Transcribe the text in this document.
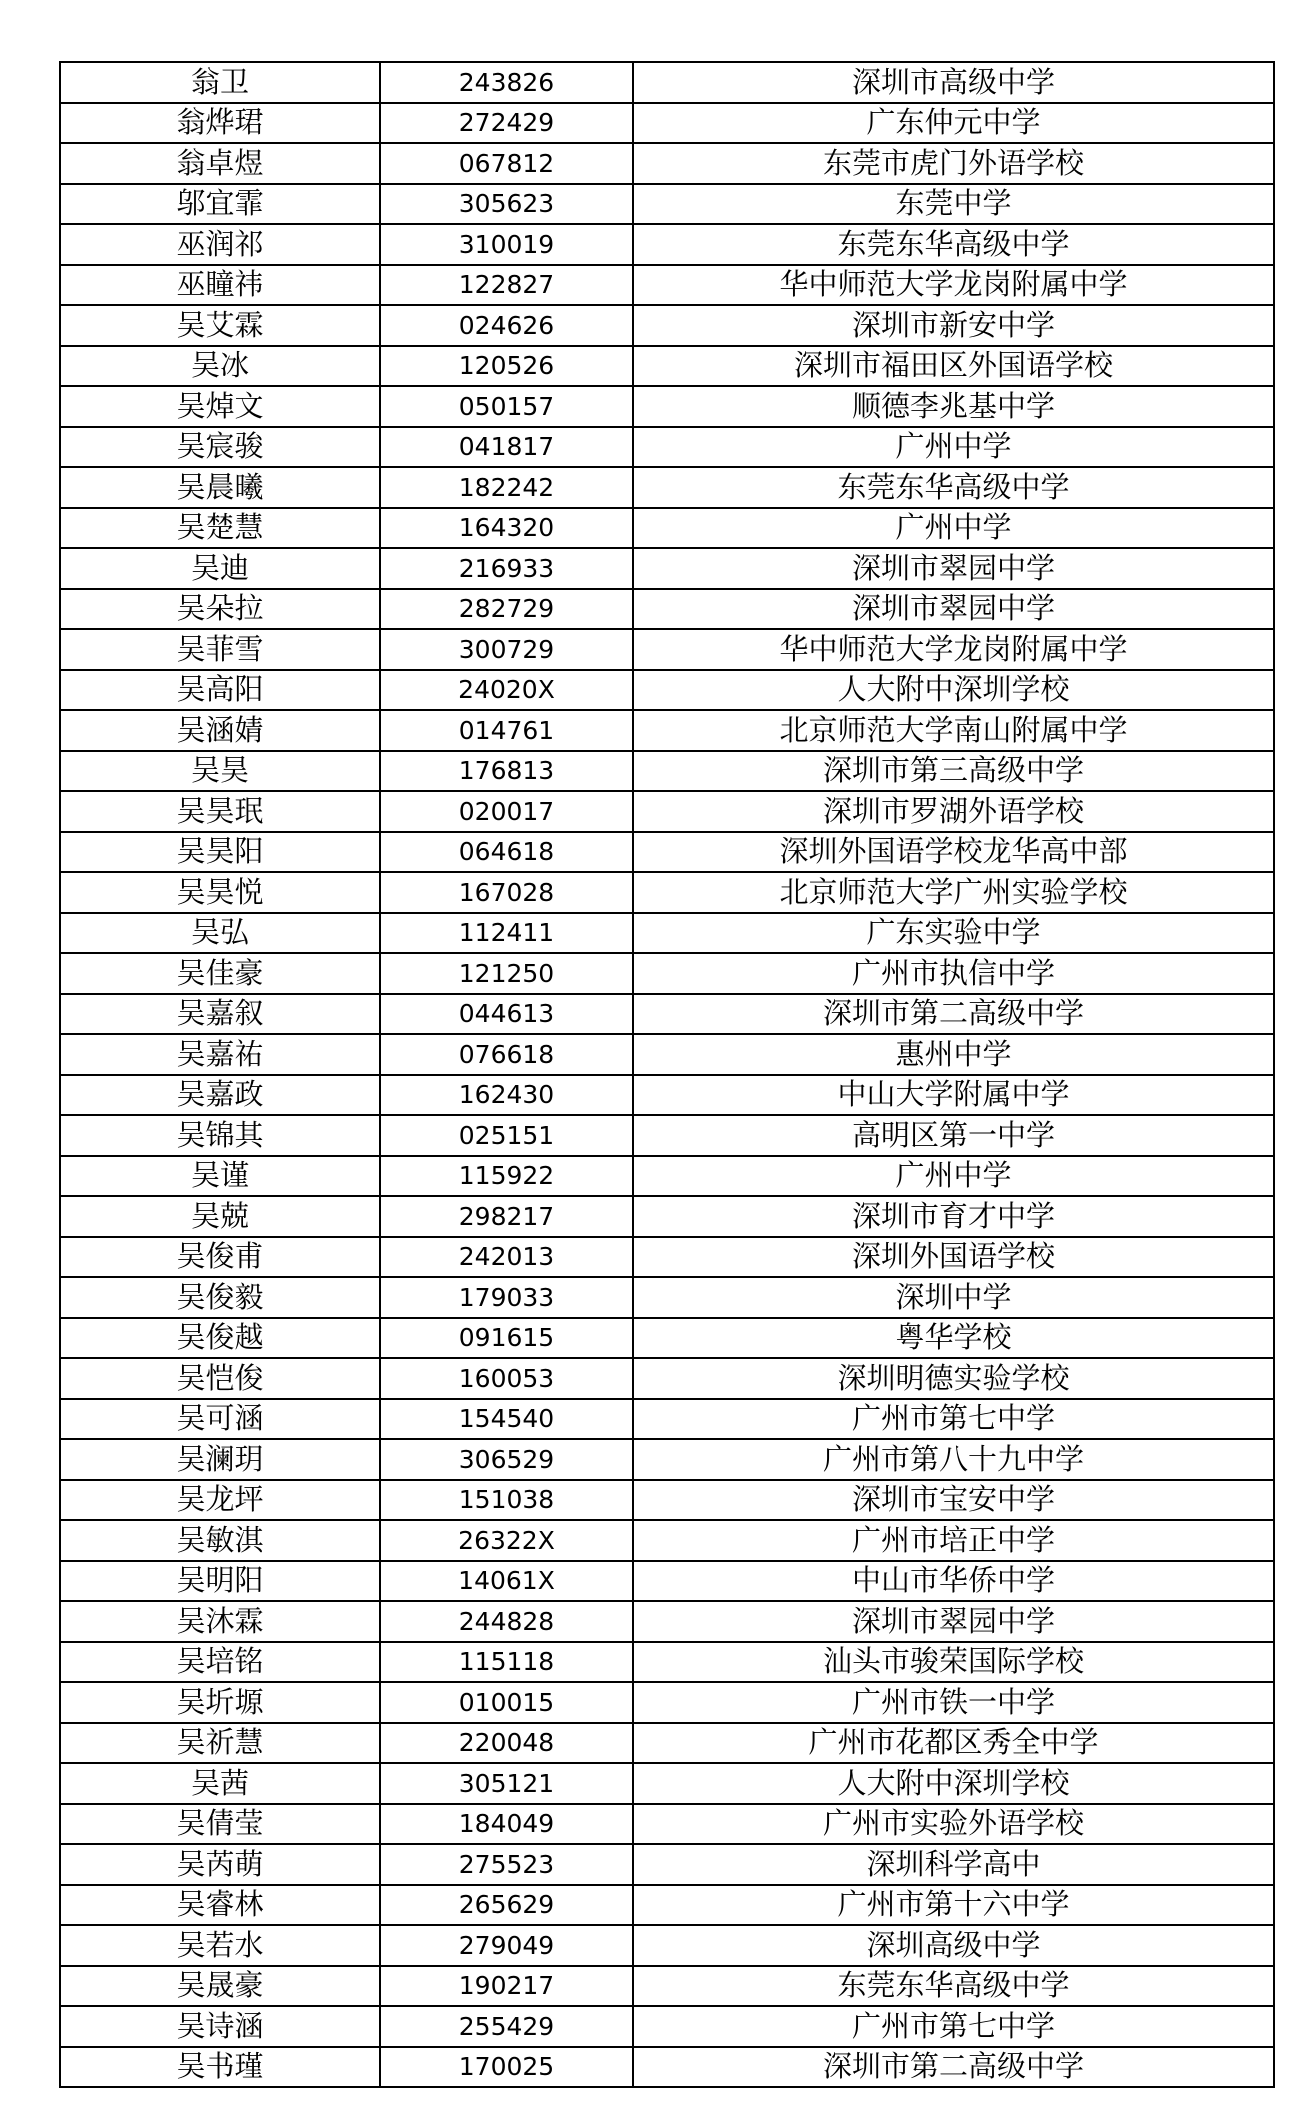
翁卫	243826	深圳市高级中学
翁烨珺	272429	广东仲元中学
翁卓煜	067812	东莞市虎门外语学校
邬宜霏	305623	东莞中学
巫润祁	310019	东莞东华高级中学
巫瞳祎	122827	华中师范大学龙岗附属中学
吴艾霖	024626	深圳市新安中学
吴冰	120526	深圳市福田区外国语学校
吴焯文	050157	顺德李兆基中学
吴宸骏	041817	广州中学
吴晨曦	182242	东莞东华高级中学
吴楚慧	164320	广州中学
吴迪	216933	深圳市翠园中学
吴朵拉	282729	深圳市翠园中学
吴菲雪	300729	华中师范大学龙岗附属中学
吴高阳	24020X	人大附中深圳学校
吴涵婧	014761	北京师范大学南山附属中学
吴昊	176813	深圳市第三高级中学
吴昊珉	020017	深圳市罗湖外语学校
吴昊阳	064618	深圳外国语学校龙华高中部
吴昊悦	167028	北京师范大学广州实验学校
吴弘	112411	广东实验中学
吴佳豪	121250	广州市执信中学
吴嘉叙	044613	深圳市第二高级中学
吴嘉祐	076618	惠州中学
吴嘉政	162430	中山大学附属中学
吴锦其	025151	高明区第一中学
吴谨	115922	广州中学
吴兢	298217	深圳市育才中学
吴俊甫	242013	深圳外国语学校
吴俊毅	179033	深圳中学
吴俊越	091615	粤华学校
吴恺俊	160053	深圳明德实验学校
吴可涵	154540	广州市第七中学
吴澜玥	306529	广州市第八十九中学
吴龙坪	151038	深圳市宝安中学
吴敏淇	26322X	广州市培正中学
吴明阳	14061X	中山市华侨中学
吴沐霖	244828	深圳市翠园中学
吴培铭	115118	汕头市骏荣国际学校
吴圻塬	010015	广州市铁一中学
吴祈慧	220048	广州市花都区秀全中学
吴茜	305121	人大附中深圳学校
吴倩莹	184049	广州市实验外语学校
吴芮萌	275523	深圳科学高中
吴睿林	265629	广州市第十六中学
吴若水	279049	深圳高级中学
吴晟豪	190217	东莞东华高级中学
吴诗涵	255429	广州市第七中学
吴书瑾	170025	深圳市第二高级中学
